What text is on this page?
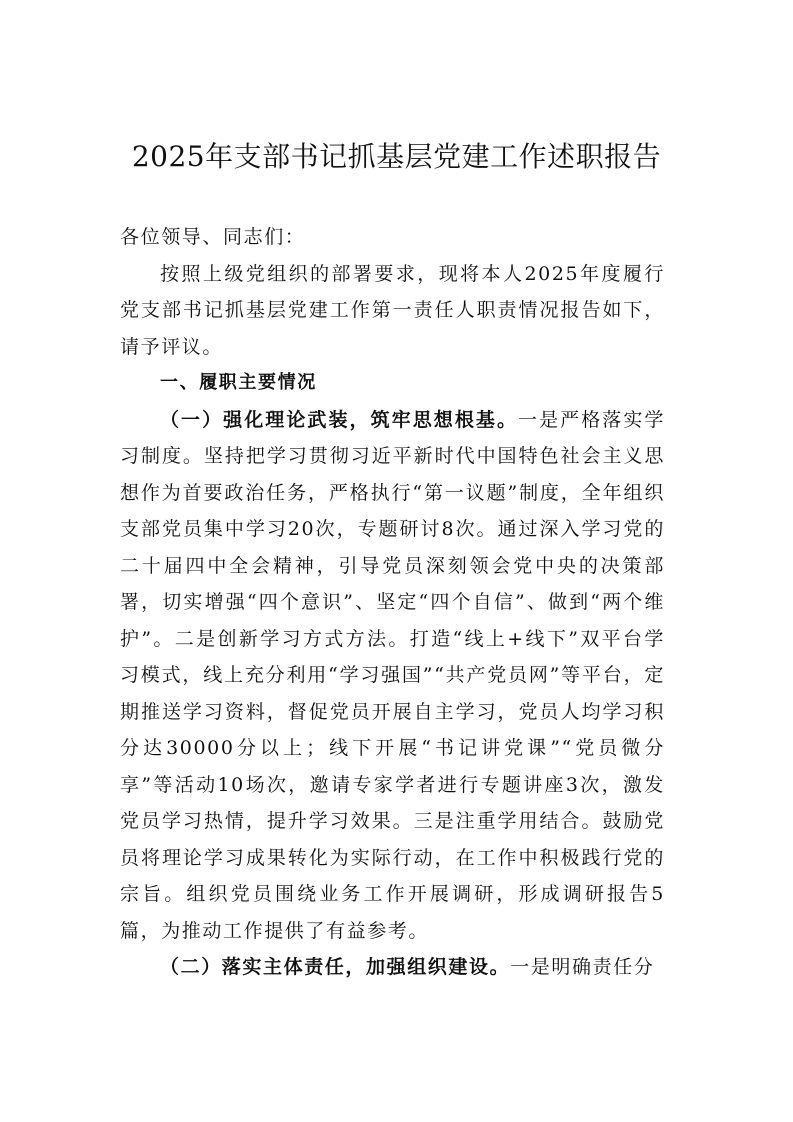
2025年支部书记抓基层党建工作述职报告

各位领导、同志们：

按照上级党组织的部署要求，现将本人2025年度履行党支部书记抓基层党建工作第一责任人职责情况报告如下，请予评议。

一、履职主要情况

（一）强化理论武装，筑牢思想根基。一是严格落实学习制度。坚持把学习贯彻习近平新时代中国特色社会主义思想作为首要政治任务，严格执行“第一议题”制度，全年组织支部党员集中学习20次，专题研讨8次。通过深入学习党的二十届四中全会精神，引导党员深刻领会党中央的决策部署，切实增强“四个意识”、坚定“四个自信”、做到“两个维护”。二是创新学习方式方法。打造“线上+线下”双平台学习模式，线上充分利用“学习强国”“共产党员网”等平台，定期推送学习资料，督促党员开展自主学习，党员人均学习积分达30000分以上；线下开展“书记讲党课”“党员微分享”等活动10场次，邀请专家学者进行专题讲座3次，激发党员学习热情，提升学习效果。三是注重学用结合。鼓励党员将理论学习成果转化为实际行动，在工作中积极践行党的宗旨。组织党员围绕业务工作开展调研，形成调研报告5篇，为推动工作提供了有益参考。

（二）落实主体责任，加强组织建设。一是明确责任分
